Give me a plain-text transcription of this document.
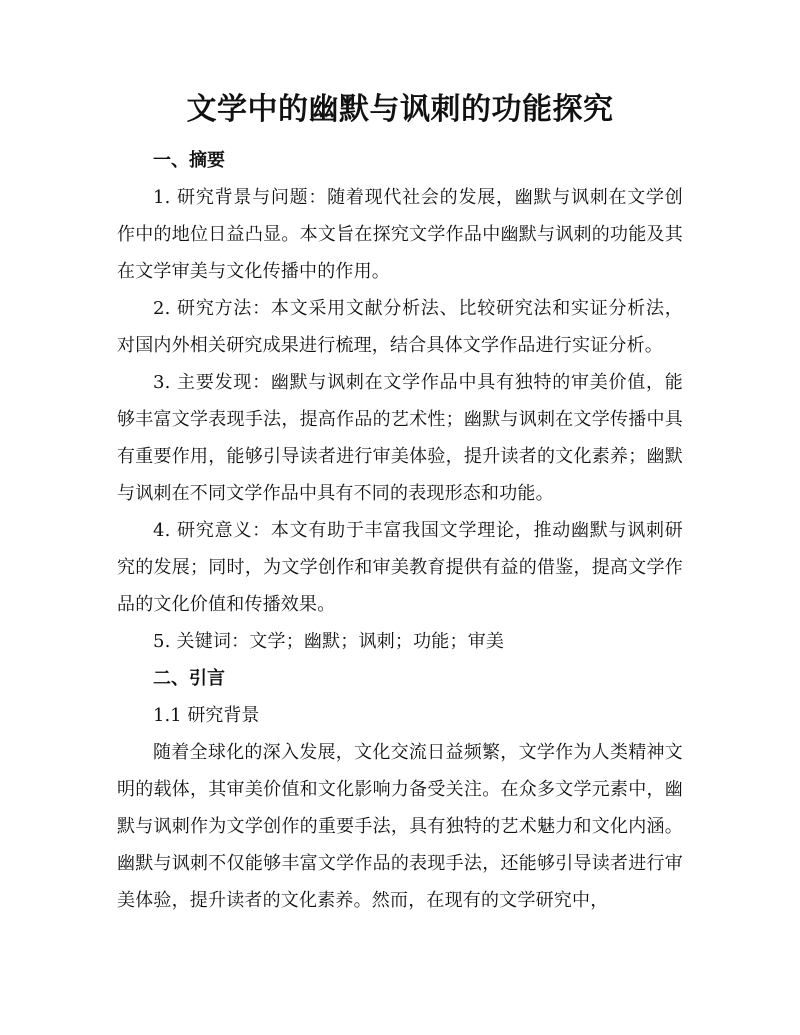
文学中的幽默与讽刺的功能探究
一、摘要

1. 研究背景与问题：随着现代社会的发展，幽默与讽刺在文学创作中的地位日益凸显。本文旨在探究文学作品中幽默与讽刺的功能及其在文学审美与文化传播中的作用。

2. 研究方法：本文采用文献分析法、比较研究法和实证分析法，对国内外相关研究成果进行梳理，结合具体文学作品进行实证分析。

3. 主要发现：幽默与讽刺在文学作品中具有独特的审美价值，能够丰富文学表现手法，提高作品的艺术性；幽默与讽刺在文学传播中具有重要作用，能够引导读者进行审美体验，提升读者的文化素养；幽默与讽刺在不同文学作品中具有不同的表现形态和功能。

4. 研究意义：本文有助于丰富我国文学理论，推动幽默与讽刺研究的发展；同时，为文学创作和审美教育提供有益的借鉴，提高文学作品的文化价值和传播效果。

5. 关键词：文学；幽默；讽刺；功能；审美

二、引言

1.1 研究背景

随着全球化的深入发展，文化交流日益频繁，文学作为人类精神文明的载体，其审美价值和文化影响力备受关注。在众多文学元素中，幽默与讽刺作为文学创作的重要手法，具有独特的艺术魅力和文化内涵。幽默与讽刺不仅能够丰富文学作品的表现手法，还能够引导读者进行审美体验，提升读者的文化素养。然而，在现有的文学研究中，
